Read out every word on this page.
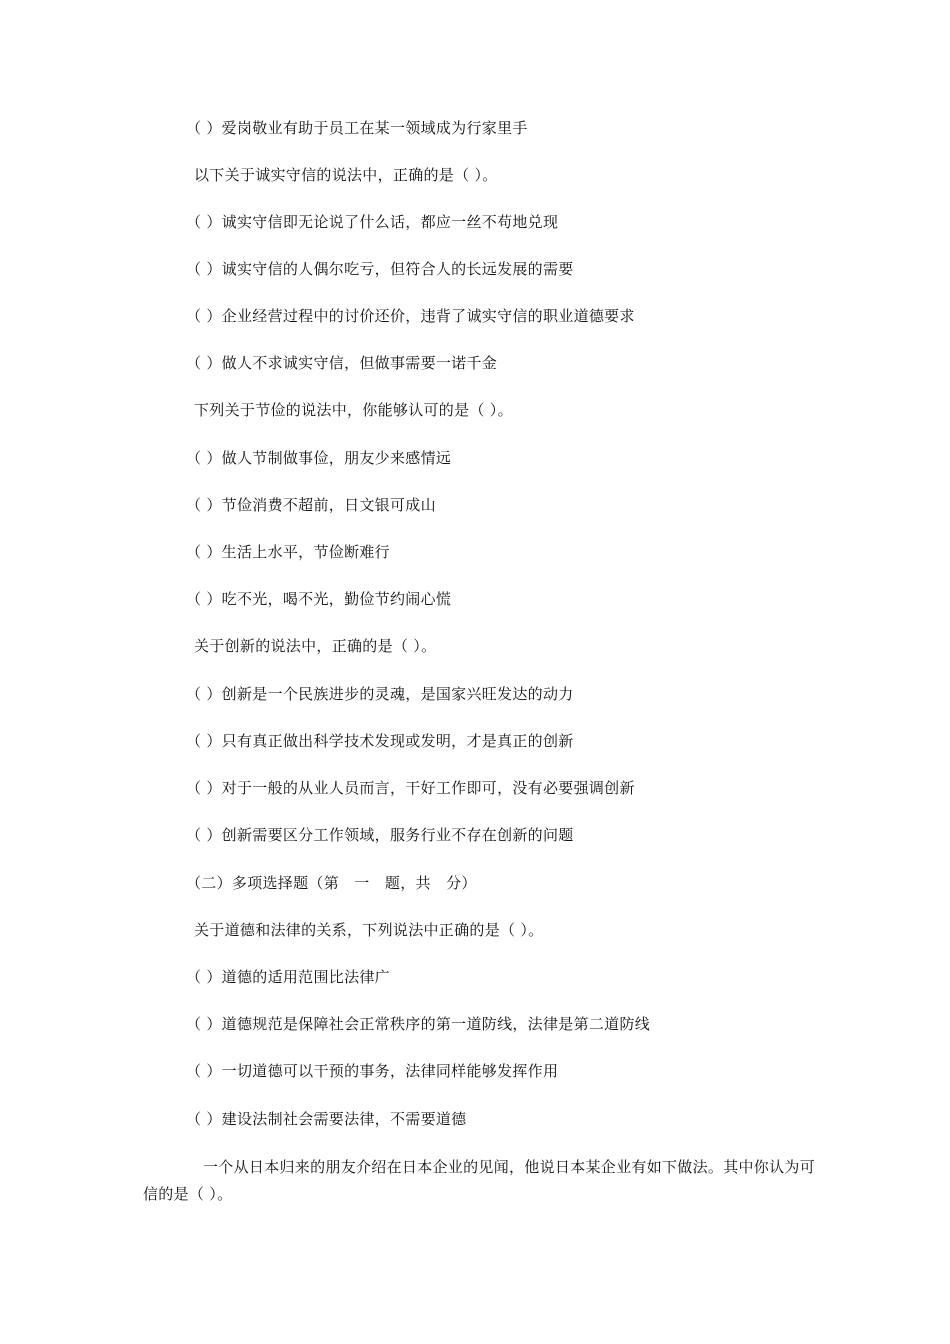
（ ）爱岗敬业有助于员工在某一领域成为行家里手
以下关于诚实守信的说法中，正确的是（ ）。
（ ）诚实守信即无论说了什么话，都应一丝不苟地兑现
（ ）诚实守信的人偶尔吃亏，但符合人的长远发展的需要
（ ）企业经营过程中的讨价还价，违背了诚实守信的职业道德要求
（ ）做人不求诚实守信，但做事需要一诺千金
下列关于节俭的说法中，你能够认可的是（ ）。
（ ）做人节制做事俭，朋友少来感情远
（ ）节俭消费不超前，日文银可成山
（ ）生活上水平，节俭断难行
（ ）吃不光，喝不光，勤俭节约闹心慌
关于创新的说法中，正确的是（ ）。
（ ）创新是一个民族进步的灵魂，是国家兴旺发达的动力
（ ）只有真正做出科学技术发现或发明，才是真正的创新
（ ）对于一般的从业人员而言，干好工作即可，没有必要强调创新
（ ）创新需要区分工作领域，服务行业不存在创新的问题
（二）多项选择题（第　一　题，共　分）
关于道德和法律的关系，下列说法中正确的是（ ）。
（ ）道德的适用范围比法律广
（ ）道德规范是保障社会正常秩序的第一道防线，法律是第二道防线
（ ）一切道德可以干预的事务，法律同样能够发挥作用
（ ）建设法制社会需要法律，不需要道德
一个从日本归来的朋友介绍在日本企业的见闻，他说日本某企业有如下做法。其中你认为可信的是（ ）。
